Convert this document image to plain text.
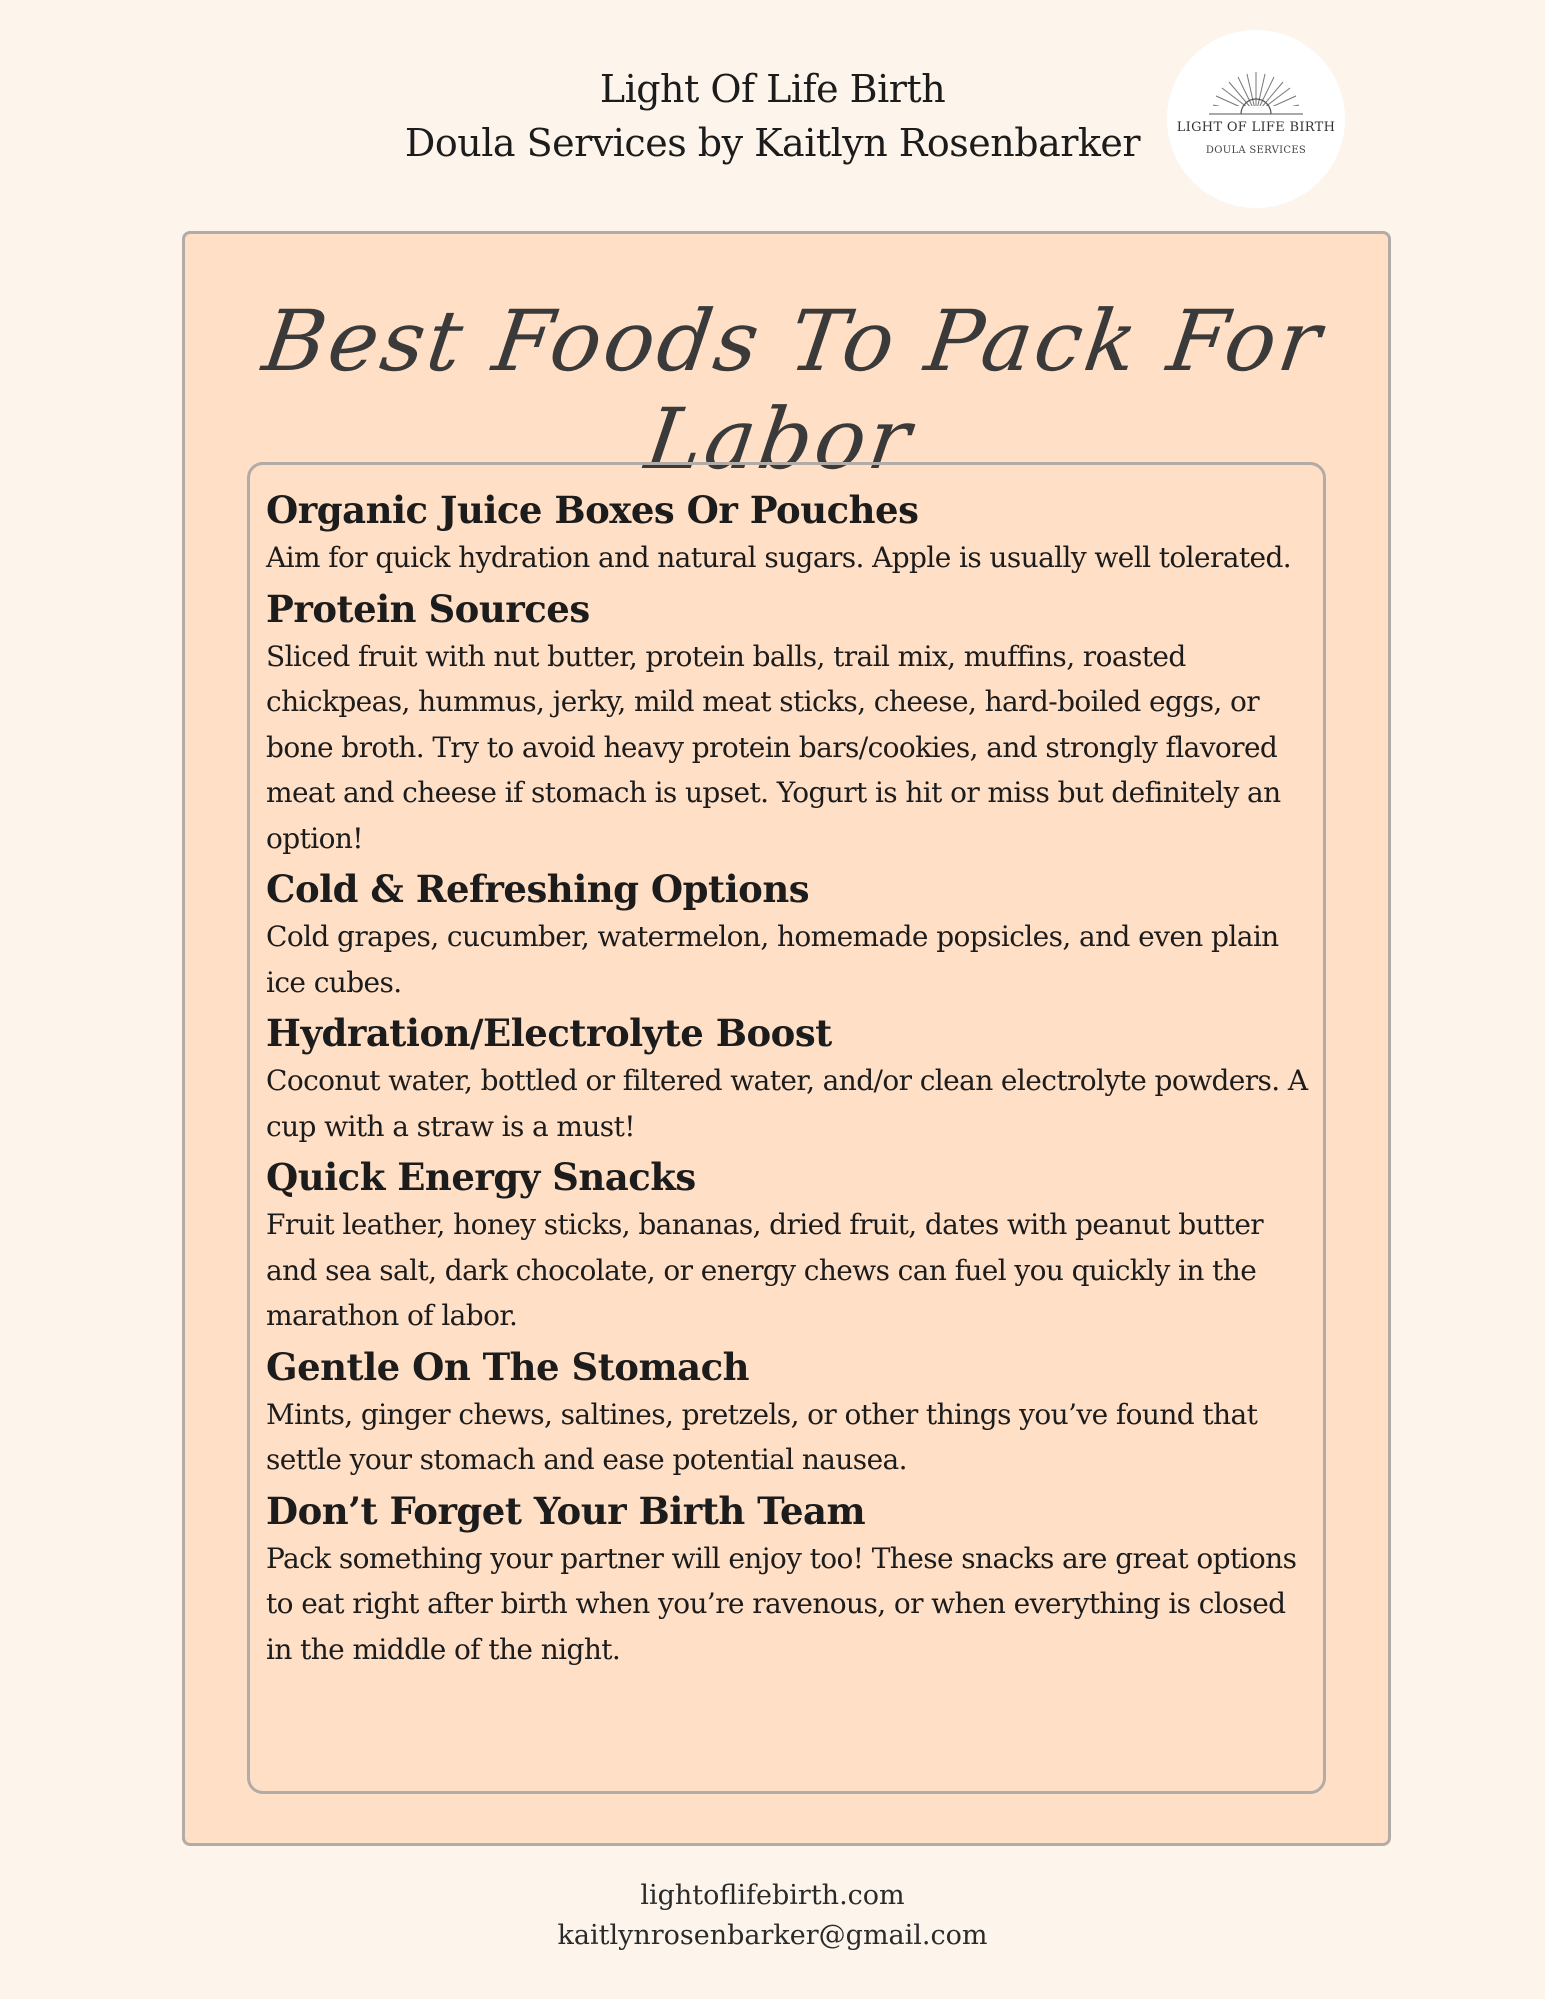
Light Of Life Birth
Doula Services by Kaitlyn Rosenbarker	LIGHT OF LIFE BIRTH
DOULA SERVICES
Best Foods To Pack For Labor
Organic Juice Boxes Or Pouches

Aim for quick hydration and natural sugars. Apple is usually well tolerated.

Protein Sources

Sliced fruit with nut butter, protein balls, trail mix, muffins, roasted chickpeas, hummus, jerky, mild meat sticks, cheese, hard-boiled eggs, or bone broth. Try to avoid heavy protein bars/cookies, and strongly flavored meat and cheese if stomach is upset. Yogurt is hit or miss but definitely an option!

Cold & Refreshing Options

Cold grapes, cucumber, watermelon, homemade popsicles, and even plain ice cubes.

Hydration/Electrolyte Boost

Coconut water, bottled or filtered water, and/or clean electrolyte powders. A cup with a straw is a must!

Quick Energy Snacks

Fruit leather, honey sticks, bananas, dried fruit, dates with peanut butter and sea salt, dark chocolate, or energy chews can fuel you quickly in the marathon of labor.

Gentle On The Stomach

Mints, ginger chews, saltines, pretzels, or other things you’ve found that settle your stomach and ease potential nausea.

Don’t Forget Your Birth Team

Pack something your partner will enjoy too! These snacks are great options to eat right after birth when you’re ravenous, or when everything is closed in the middle of the night.

lightoflifebirth.com
kaitlynrosenbarker@gmail.com
